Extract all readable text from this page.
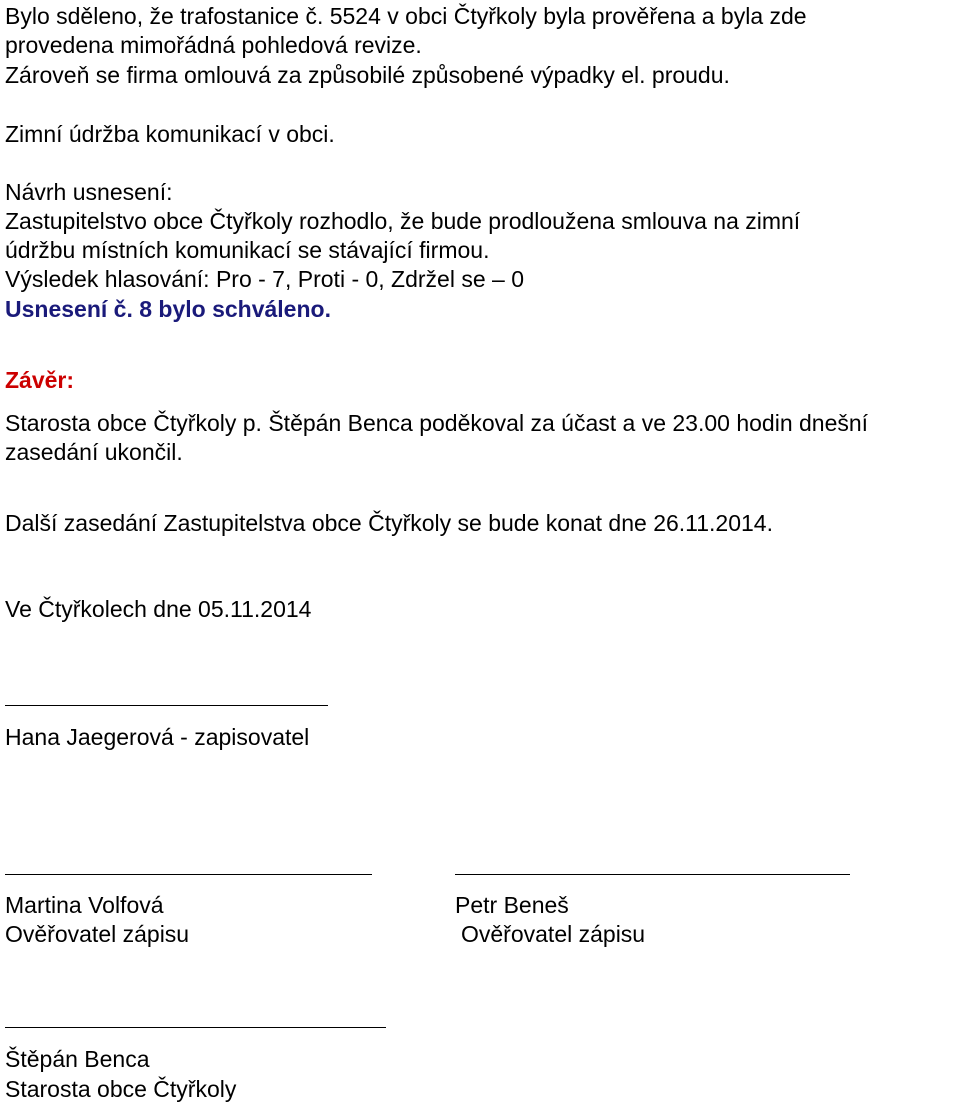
Bylo sděleno, že trafostanice č. 5524 v obci Čtyřkoly byla prověřena a byla zde
provedena mimořádná pohledová revize.
Zároveň se firma omlouvá za způsobilé způsobené výpadky el. proudu.
Zimní údržba komunikací v obci.
Návrh usnesení:
Zastupitelstvo obce Čtyřkoly rozhodlo, že bude prodloužena smlouva na zimní
údržbu místních komunikací se stávající firmou.
Výsledek hlasování: Pro - 7, Proti - 0, Zdržel se – 0
Usnesení č. 8 bylo schváleno.
Závěr:
Starosta obce Čtyřkoly p. Štěpán Benca poděkoval za účast a ve 23.00 hodin dnešní
zasedání ukončil.
Další zasedání Zastupitelstva obce Čtyřkoly se bude konat dne 26.11.2014.
Ve Čtyřkolech dne 05.11.2014
Hana Jaegerová - zapisovatel
Martina Volfová
Ověřovatel zápisu
Petr Beneš
Ověřovatel zápisu
Štěpán Benca
Starosta obce Čtyřkoly
